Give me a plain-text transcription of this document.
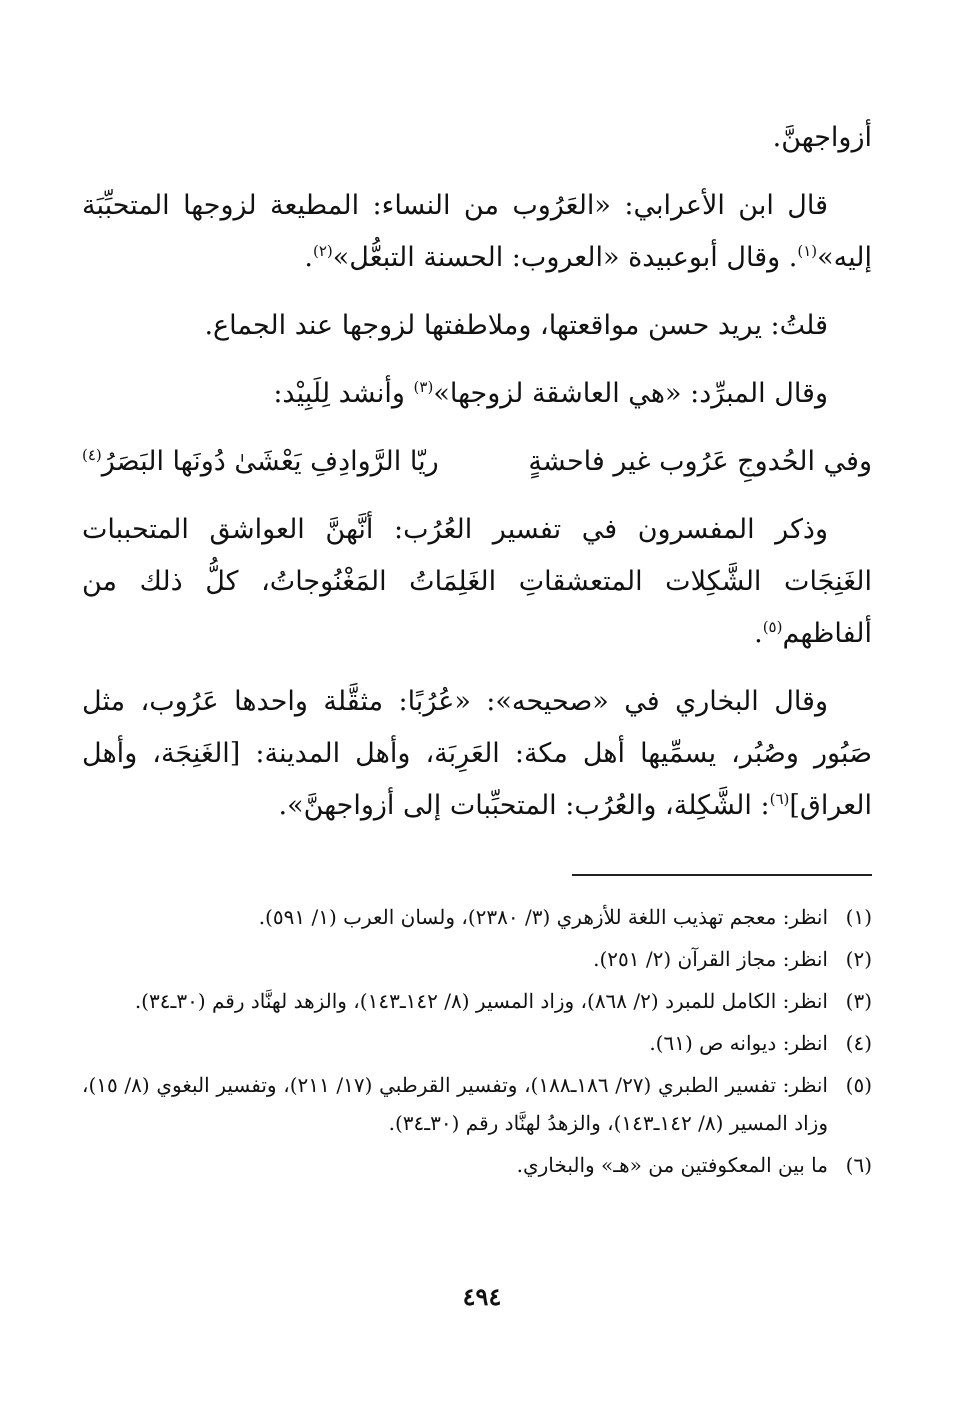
أزواجهنَّ.

قال ابن الأعرابي: «العَرُوب من النساء: المطيعة لزوجها المتحبِّبَة إليه»$^{(١)}$. وقال أبوعبيدة «العروب: الحسنة التبعُّل»$^{(٢)}$.

قلتُ: يريد حسن مواقعتها، وملاطفتها لزوجها عند الجماع.

وقال المبرِّد: «هي العاشقة لزوجها»$^{(٣)}$ وأنشد لِلَبِيْد:

وفي الحُدوجِ عَرُوب غير فاحشةٍ
ريّا الرَّوادِفِ يَعْشَىٰ دُونَها البَصَرُ$^{(٤)}$

وذكر المفسرون في تفسير العُرُب: أنَّهنَّ العواشق المتحببات الغَنِجَات الشَّكِلات المتعشقاتِ الغَلِمَاتُ المَغْنُوجاتُ، كلُّ ذلك من ألفاظهم$^{(٥)}$.

وقال البخاري في «صحيحه»: «عُرُبًا: مثقَّلة واحدها عَرُوب، مثل صَبُور وصُبُر، يسمِّيها أهل مكة: العَرِبَة، وأهل المدينة: [الغَنِجَة، وأهل العراق]$^{(٦)}$: الشَّكِلة، والعُرُب: المتحبِّبات إلى أزواجهنَّ».

(١)
انظر: معجم تهذيب اللغة للأزهري (٣/ ٢٣٨٠)، ولسان العرب (١/ ٥٩١).
(٢)
انظر: مجاز القرآن (٢/ ٢٥١).
(٣)
انظر: الكامل للمبرد (٢/ ٨٦٨)، وزاد المسير (٨/ ١٤٢ـ١٤٣)، والزهد لهنَّاد رقم (٣٠ـ٣٤).
(٤)
انظر: ديوانه ص (٦١).
(٥)
انظر: تفسير الطبري (٢٧/ ١٨٦ـ١٨٨)، وتفسير القرطبي (١٧/ ٢١١)، وتفسير البغوي (٨/ ١٥)، وزاد المسير (٨/ ١٤٢ـ١٤٣)، والزهدُ لهنَّاد رقم (٣٠ـ٣٤).
(٦)
ما بين المعكوفتين من «هـ» والبخاري.
٤٩٤
